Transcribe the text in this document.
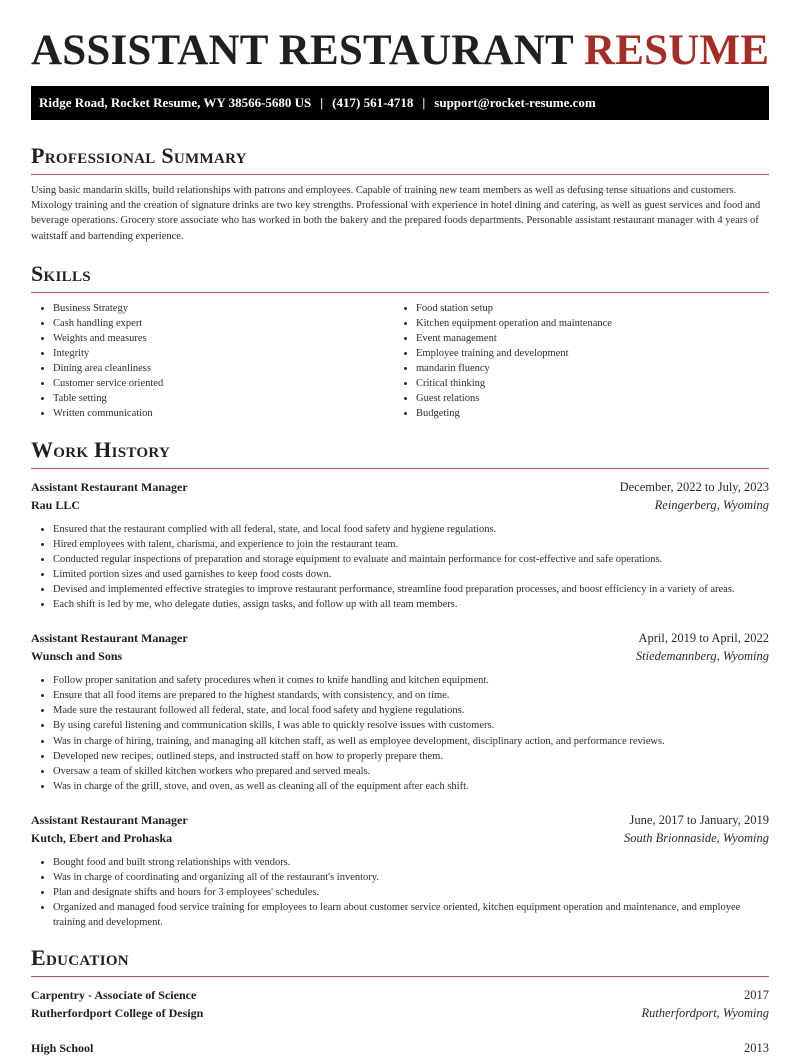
ASSISTANT RESTAURANT RESUME
Ridge Road, Rocket Resume, WY 38566-5680 US | (417) 561-4718 | support@rocket-resume.com
Professional Summary

Using basic mandarin skills, build relationships with patrons and employees. Capable of training new team members as well as defusing tense situations and customers. Mixology training and the creation of signature drinks are two key strengths. Professional with experience in hotel dining and catering, as well as guest services and food and beverage operations. Grocery store associate who has worked in both the bakery and the prepared foods departments. Personable assistant restaurant manager with 4 years of waitstaff and bartending experience.

Skills
• Business Strategy
• Cash handling expert
• Weights and measures
• Integrity
• Dining area cleanliness
• Customer service oriented
• Table setting
• Written communication
• Food station setup
• Kitchen equipment operation and maintenance
• Event management
• Employee training and development
• mandarin fluency
• Critical thinking
• Guest relations
• Budgeting
Work History
Assistant Restaurant Manager	December, 2022 to July, 2023
Rau LLC	Reingerberg, Wyoming
• Ensured that the restaurant complied with all federal, state, and local food safety and hygiene regulations.
• Hired employees with talent, charisma, and experience to join the restaurant team.
• Conducted regular inspections of preparation and storage equipment to evaluate and maintain performance for cost-effective and safe operations.
• Limited portion sizes and used garnishes to keep food costs down.
• Devised and implemented effective strategies to improve restaurant performance, streamline food preparation processes, and boost efficiency in a variety of areas.
• Each shift is led by me, who delegate duties, assign tasks, and follow up with all team members.
Assistant Restaurant Manager	April, 2019 to April, 2022
Wunsch and Sons	Stiedemannberg, Wyoming
• Follow proper sanitation and safety procedures when it comes to knife handling and kitchen equipment.
• Ensure that all food items are prepared to the highest standards, with consistency, and on time.
• Made sure the restaurant followed all federal, state, and local food safety and hygiene regulations.
• By using careful listening and communication skills, I was able to quickly resolve issues with customers.
• Was in charge of hiring, training, and managing all kitchen staff, as well as employee development, disciplinary action, and performance reviews.
• Developed new recipes, outlined steps, and instructed staff on how to properly prepare them.
• Oversaw a team of skilled kitchen workers who prepared and served meals.
• Was in charge of the grill, stove, and oven, as well as cleaning all of the equipment after each shift.
Assistant Restaurant Manager	June, 2017 to January, 2019
Kutch, Ebert and Prohaska	South Brionnaside, Wyoming
• Bought food and built strong relationships with vendors.
• Was in charge of coordinating and organizing all of the restaurant's inventory.
• Plan and designate shifts and hours for 3 employees' schedules.
• Organized and managed food service training for employees to learn about customer service oriented, kitchen equipment operation and maintenance, and employee training and development.
Education
Carpentry - Associate of Science	2017
Rutherfordport College of Design	Rutherfordport, Wyoming
High School	2013
